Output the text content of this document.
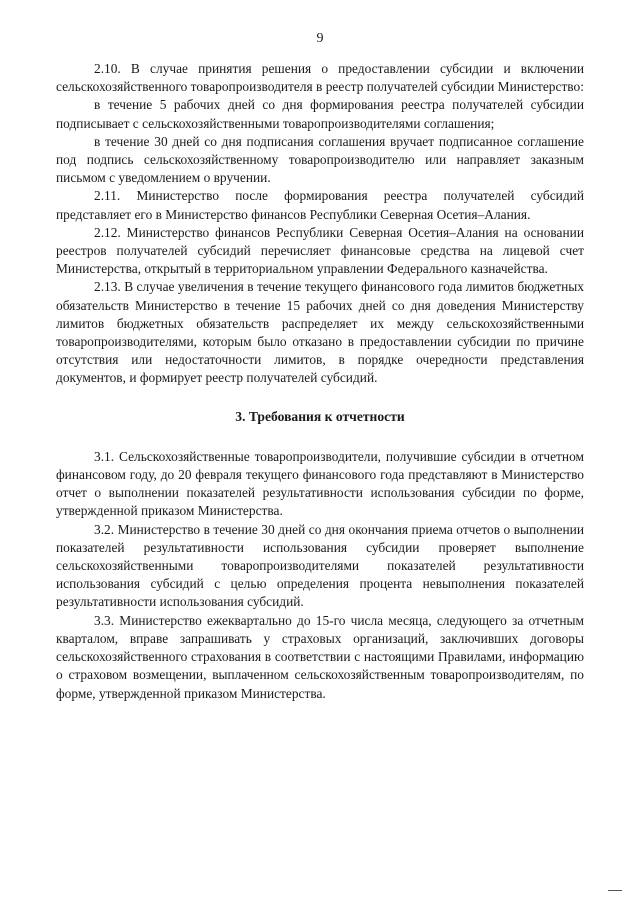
9

2.10. В случае принятия решения о предоставлении субсидии и включении сельскохозяйственного товаропроизводителя в реестр получателей субсидии Министерство:

в течение 5 рабочих дней со дня формирования реестра получателей субсидии подписывает с сельскохозяйственными товаропроизводителями соглашения;

в течение 30 дней со дня подписания соглашения вручает подписанное соглашение под подпись сельскохозяйственному товаропроизводителю или направляет заказным письмом с уведомлением о вручении.

2.11. Министерство после формирования реестра получателей субсидий представляет его в Министерство финансов Республики Северная Осетия–Алания.

2.12. Министерство финансов Республики Северная Осетия–Алания на основании реестров получателей субсидий перечисляет финансовые средства на лицевой счет Министерства, открытый в территориальном управлении Федерального казначейства.

2.13. В случае увеличения в течение текущего финансового года лимитов бюджетных обязательств Министерство в течение 15 рабочих дней со дня доведения Министерству лимитов бюджетных обязательств распределяет их между сельскохозяйственными товаропроизводителями, которым было отказано в предоставлении субсидии по причине отсутствия или недостаточности лимитов, в порядке очередности представления документов, и формирует реестр получателей субсидий.

3. Требования к отчетности

3.1. Сельскохозяйственные товаропроизводители, получившие субсидии в отчетном финансовом году, до 20 февраля текущего финансового года представляют в Министерство отчет о выполнении показателей результативности использования субсидии по форме, утвержденной приказом Министерства.

3.2. Министерство в течение 30 дней со дня окончания приема отчетов о выполнении показателей результативности использования субсидии проверяет выполнение сельскохозяйственными товаропроизводителями показателей результативности использования субсидий с целью определения процента невыполнения показателей результативности использования субсидий.

3.3. Министерство ежеквартально до 15-го числа месяца, следующего за отчетным кварталом, вправе запрашивать у страховых организаций, заключивших договоры сельскохозяйственного страхования в соответствии с настоящими Правилами, информацию о страховом возмещении, выплаченном сельскохозяйственным товаропроизводителям, по форме, утвержденной приказом Министерства.
